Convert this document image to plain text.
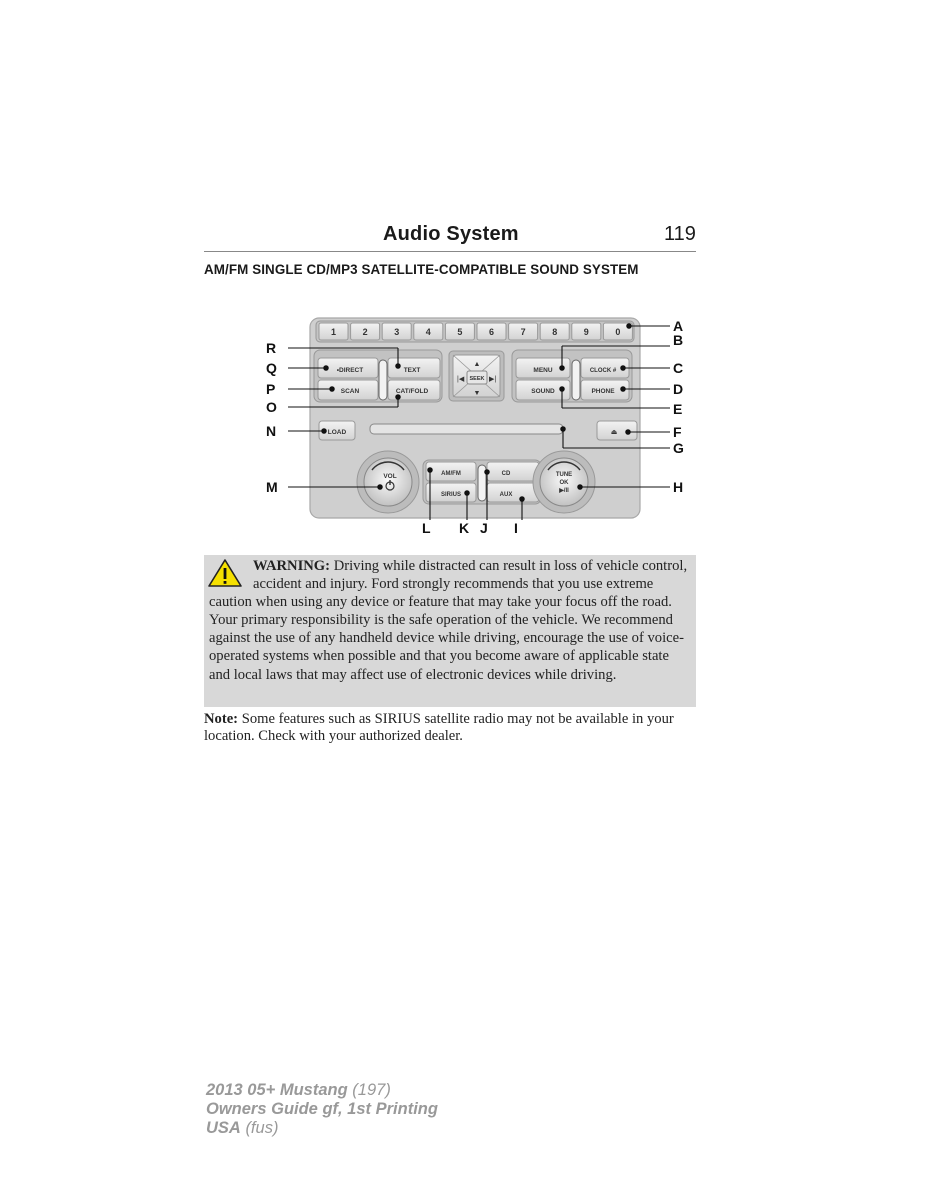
Audio System	119
AM/FM SINGLE CD/MP3 SATELLITE-COMPATIBLE SOUND SYSTEM
1	2	3	4	5	6	7	8	9	0
•DIRECT
SCAN
TEXT
CAT/FOLD
SEEK
▲
▼
|◀	▶|
MENU
SOUND
CLOCK #
PHONE
LOAD	⏏
VOL	AM/FM
SIRIUS
CD
AUX
TUNE
OK
▶/II
A
B
C
D
E
F
G
H
I
J
K
L
M
N
O
P
Q
R
WARNING: Driving while distracted can result in loss of vehicle control, accident and injury. Ford strongly recommends that you use extreme caution when using any device or feature that may take your focus off the road. Your primary responsibility is the safe operation of the vehicle. We recommend against the use of any handheld device while driving, encourage the use of voice-operated systems when possible and that you become aware of applicable state and local laws that may affect use of electronic devices while driving.
Note: Some features such as SIRIUS satellite radio may not be available in your location. Check with your authorized dealer.
2013 05+ Mustang (197)
Owners Guide gf, 1st Printing
USA (fus)
